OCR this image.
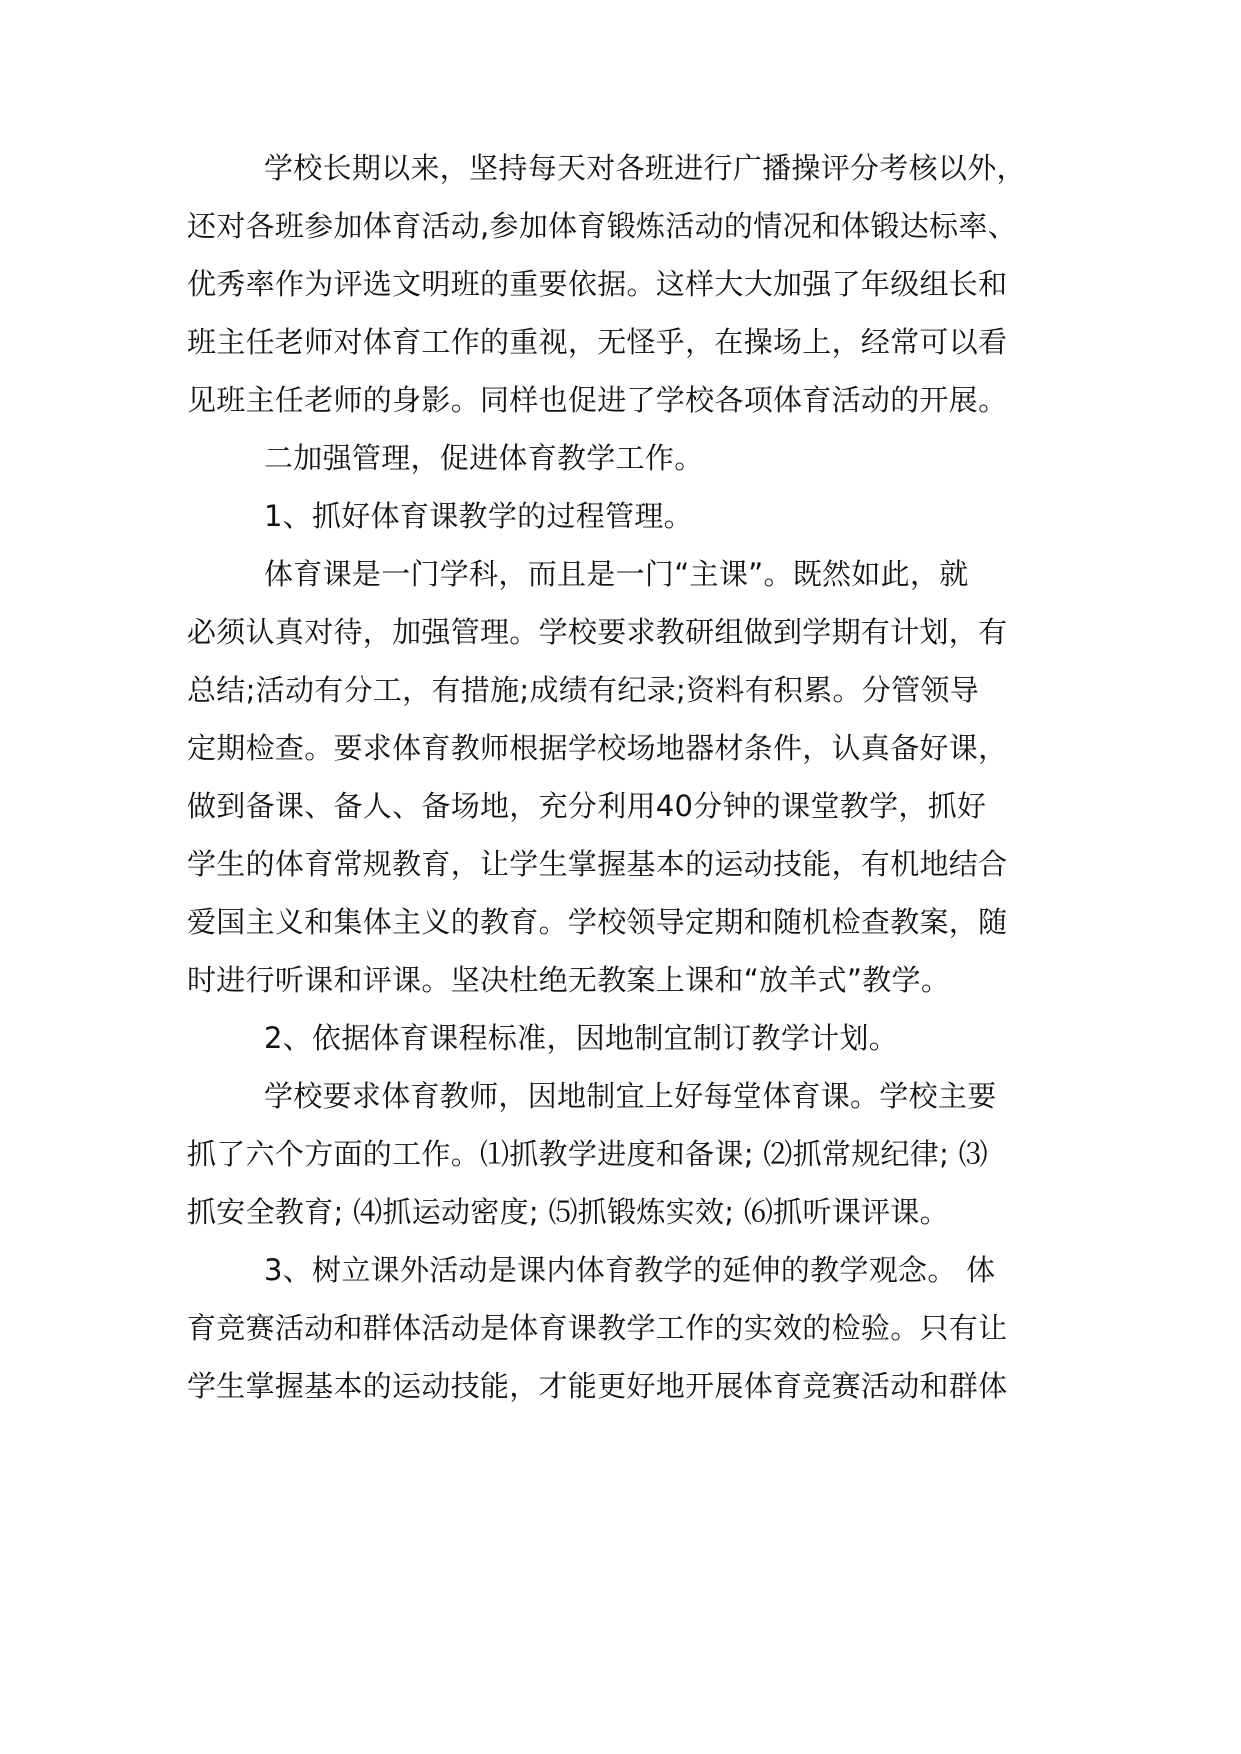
学校长期以来，坚持每天对各班进行广播操评分考核以外，
还对各班参加体育活动,参加体育锻炼活动的情况和体锻达标率、
优秀率作为评选文明班的重要依据。这样大大加强了年级组长和
班主任老师对体育工作的重视，无怪乎，在操场上，经常可以看
见班主任老师的身影。同样也促进了学校各项体育活动的开展。
二加强管理，促进体育教学工作。
1、抓好体育课教学的过程管理。
体育课是一门学科，而且是一门“主课”。既然如此，就
必须认真对待，加强管理。学校要求教研组做到学期有计划，有
总结;活动有分工，有措施;成绩有纪录;资料有积累。分管领导
定期检查。要求体育教师根据学校场地器材条件，认真备好课，
做到备课、备人、备场地，充分利用40分钟的课堂教学，抓好
学生的体育常规教育，让学生掌握基本的运动技能，有机地结合
爱国主义和集体主义的教育。学校领导定期和随机检查教案，随
时进行听课和评课。坚决杜绝无教案上课和“放羊式”教学。
2、依据体育课程标准，因地制宜制订教学计划。
学校要求体育教师，因地制宜上好每堂体育课。学校主要
抓了六个方面的工作。⑴抓教学进度和备课; ⑵抓常规纪律; ⑶
抓安全教育; ⑷抓运动密度; ⑸抓锻炼实效; ⑹抓听课评课。
3、树立课外活动是课内体育教学的延伸的教学观念。 体
育竞赛活动和群体活动是体育课教学工作的实效的检验。只有让
学生掌握基本的运动技能，才能更好地开展体育竞赛活动和群体
